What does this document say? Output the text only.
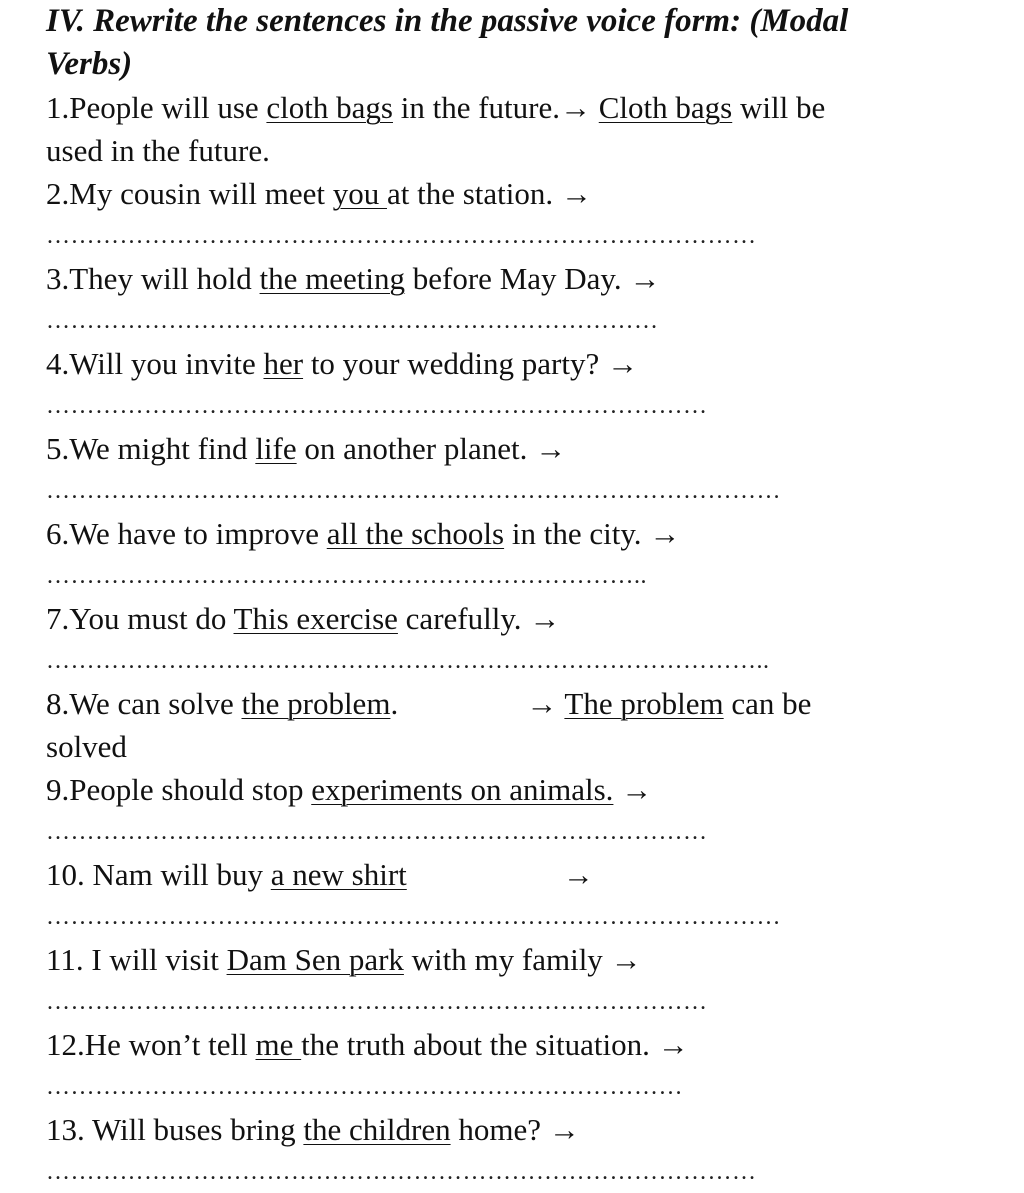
IV. Rewrite the sentences in the passive voice form: (Modal
Verbs)
1.People will use cloth bags in the future.→ Cloth bags will be
used in the future.
2.My cousin will meet you at the station. →
……………………………………………………………………………
3.They will hold the meeting before May Day. →
…………………………………………………………………
4.Will you invite her to your wedding party? →
………………………………………………………………………
5.We might find life on another planet. →
………………………………………………………………………………
6.We have to improve all the schools in the city. →
………………………………………………………………..
7.You must do This exercise carefully. →
……………………………………………………………………………..
8.We can solve the problem.	→ The problem can be
solved
9.People should stop experiments on animals. →
………………………………………………………………………
10. Nam will buy a new shirt	→
………………………………………………………………………………
11. I will visit Dam Sen park with my family →
………………………………………………………………………
12.He won’t tell me the truth about the situation. →
……………………………………………………………………
13. Will buses bring the children home? →
……………………………………………………………………………
